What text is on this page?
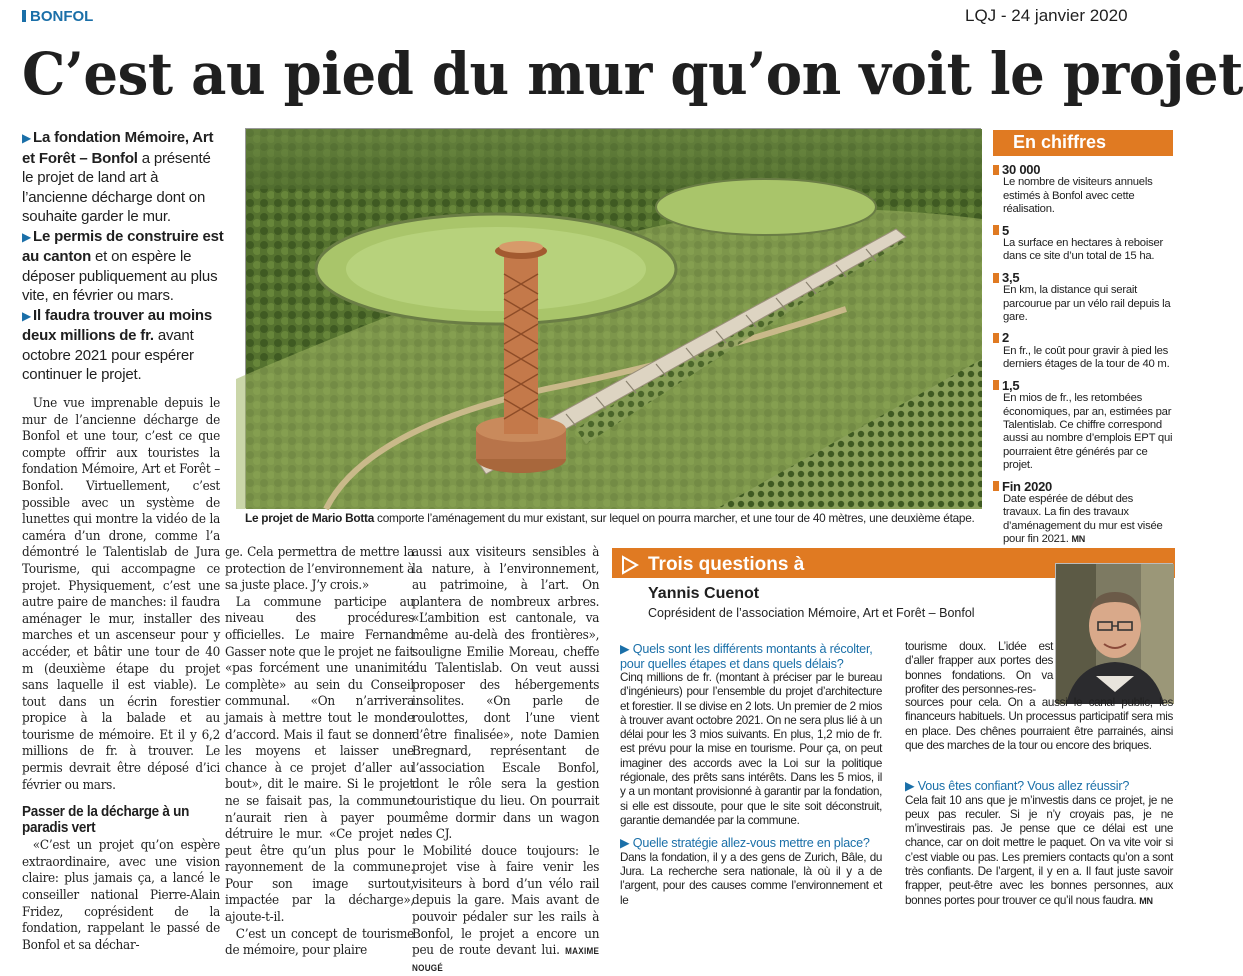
BONFOL	LQJ - 24 janvier 2020
C’est au pied du mur qu’on voit le projet
▶ La fondation Mémoire, Art et Forêt – Bonfol a présenté le projet de land art à l’ancienne décharge dont on souhaite garder le mur.
▶ Le permis de construire est au canton et on espère le déposer publiquement au plus vite, en février ou mars.
▶ Il faudra trouver au moins deux millions de fr. avant octobre 2021 pour espérer continuer le projet.

Une vue imprenable depuis le mur de l’ancienne décharge de Bonfol et une tour, c’est ce que compte offrir aux touristes la fondation Mémoire, Art et Forêt – Bonfol. Virtuellement, c’est possible avec un système de lunettes qui montre la vidéo de la caméra d’un drone, comme l’a démontré le Talentislab de Jura Tourisme, qui accompagne ce projet. Physiquement, c’est une autre paire de manches: il faudra aménager le mur, installer des marches et un ascenseur pour y accéder, et bâtir une tour de 40 m (deuxième étape du projet sans laquelle il est viable). Le tout dans un écrin forestier propice à la balade et au tourisme de mémoire. Et il y 6,2 millions de fr. à trouver. Le permis devrait être déposé d’ici février ou mars.

Passer de la décharge à un paradis vert

«C’est un projet qu’on espère extraordinaire, avec une vision claire: plus jamais ça, a lancé le conseiller national Pierre-Alain Fridez, coprésident de la fondation, rappelant le passé de Bonfol et sa déchar-

ge. Cela permettra de mettre la protection de l’environnement à sa juste place. J’y crois.»

La commune participe au niveau des procédures officielles. Le maire Fernand Gasser note que le projet ne fait «pas forcément une unanimité complète» au sein du Conseil communal. «On n’arrivera jamais à mettre tout le monde d’accord. Mais il faut se donner les moyens et laisser une chance à ce projet d’aller au bout», dit le maire. Si le projet ne se faisait pas, la commune n’aurait rien à payer pour détruire le mur. «Ce projet ne peut être qu’un plus pour le rayonnement de la commune. Pour son image surtout, impactée par la décharge», ajoute-t-il.

C’est un concept de tourisme de mémoire, pour plaire

aussi aux visiteurs sensibles à la nature, à l’environnement, au patrimoine, à l’art. On plantera de nombreux arbres. «L’ambition est cantonale, va même au-delà des frontières», souligne Emilie Moreau, cheffe du Talentislab. On veut aussi proposer des hébergements insolites. «On parle de roulottes, dont l’une vient d’être finalisée», note Damien Bregnard, représentant de l’association Escale Bonfol, dont le rôle sera la gestion touristique du lieu. On pourrait même dormir dans un wagon des CJ.

Mobilité douce toujours: le projet vise à faire venir les visiteurs à bord d’un vélo rail depuis la gare. Mais avant de pouvoir pédaler sur les rails à Bonfol, le projet a encore un peu de route devant lui. MAXIME NOUGÉ

Le projet de Mario Botta comporte l’aménagement du mur existant, sur lequel on pourra marcher, et une tour de 40 mètres, une deuxième étape.
En chiffres
30 000
Le nombre de visiteurs annuels estimés à Bonfol avec cette réalisation.
5
La surface en hectares à reboiser dans ce site d’un total de 15 ha.
3,5
En km, la distance qui serait parcourue par un vélo rail depuis la gare.
2
En fr., le coût pour gravir à pied les derniers étages de la tour de 40 m.
1,5
En mios de fr., les retombées économiques, par an, estimées par Talentislab. Ce chiffre correspond aussi au nombre d’emplois EPT qui pourraient être générés par ce projet.
Fin 2020
Date espérée de début des travaux. La fin des travaux d’aménagement du mur est visée pour fin 2021. MN
Trois questions à
Yannis Cuenot
Coprésident de l’association Mémoire, Art et Forêt – Bonfol
▶ Quels sont les différents montants à récolter, pour quelles étapes et dans quels délais?
Cinq millions de fr. (montant à préciser par le bureau d’ingénieurs) pour l’ensemble du projet d’architecture et forestier. Il se divise en 2 lots. Un premier de 2 mios à trouver avant octobre 2021. On ne sera plus lié à un délai pour les 3 mios suivants. En plus, 1,2 mio de fr. est prévu pour la mise en tourisme. Pour ça, on peut imaginer des accords avec la Loi sur la politique régionale, des prêts sans intérêts. Dans les 5 mios, il y a un montant provisionné à garantir par la fondation, si elle est dissoute, pour que le site soit déconstruit, garantie demandée par la commune.
▶ Quelle stratégie allez-vous mettre en place?
Dans la fondation, il y a des gens de Zurich, Bâle, du Jura. La recherche sera nationale, là où il y a de l’argent, pour des causes comme l’environnement et le
tourisme doux. L’idée est d’aller frapper aux portes des bonnes fondations. On va profiter des personnes-res-
sources pour cela. On a aussi le canal public, les financeurs habituels. Un processus participatif sera mis en place. Des chênes pourraient être parrainés, ainsi que des marches de la tour ou encore des briques.
▶ Vous êtes confiant? Vous allez réussir?
Cela fait 10 ans que je m’investis dans ce projet, je ne peux pas reculer. Si je n’y croyais pas, je ne m’investirais pas. Je pense que ce délai est une chance, car on doit mettre le paquet. On va vite voir si c’est viable ou pas. Les premiers contacts qu’on a sont très confiants. De l’argent, il y en a. Il faut juste savoir frapper, peut-être avec les bonnes personnes, aux bonnes portes pour trouver ce qu’il nous faudra. MN
